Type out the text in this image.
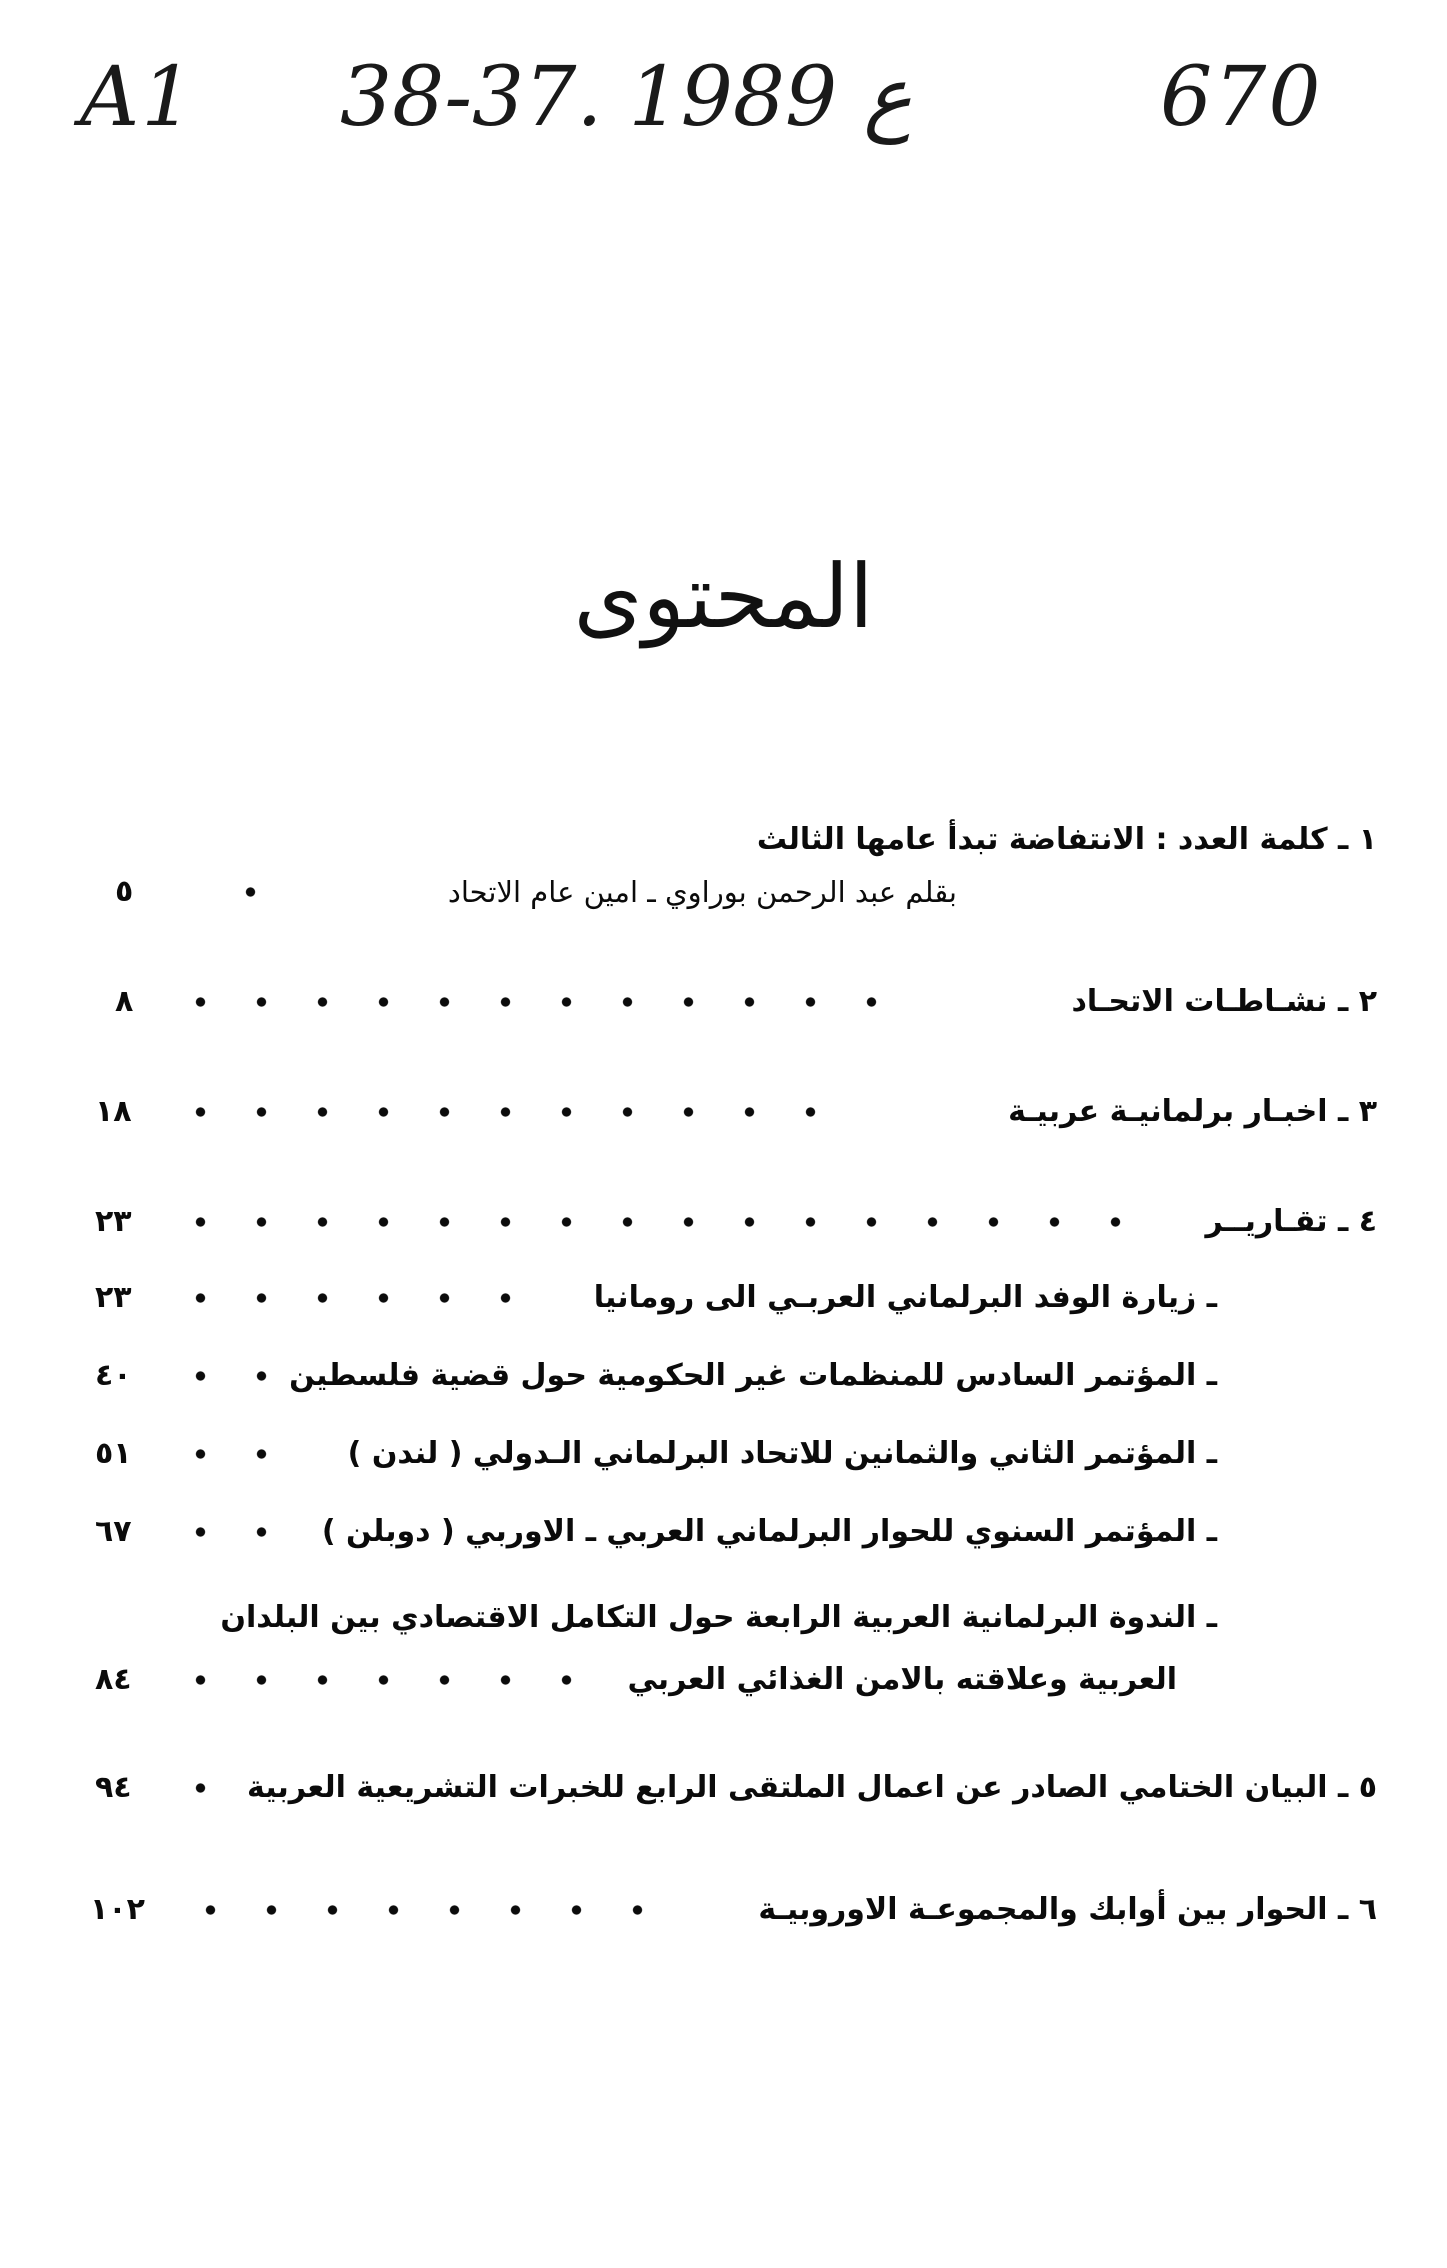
A1 38-37. ع 1989	670
المحتوى
١ ـ كلمة العدد : الانتفاضة تبدأ عامها الثالث
بقلم عبد الرحمن بوراوي ـ امين عام الاتحاد
٥
٢ ـ نشـاطـات الاتحـاد
٨
٣ ـ اخبـار برلمانيـة عربيـة
١٨
٤ ـ تقـاريــر
٢٣
ـ زيارة الوفد البرلماني العربـي الى رومانيا
٢٣
ـ المؤتمر السادس للمنظمات غير الحكومية حول قضية فلسطين
٤٠
ـ المؤتمر الثاني والثمانين للاتحاد البرلماني الـدولي ( لندن )
٥١
ـ المؤتمر السنوي للحوار البرلماني العربي ـ الاوربي ( دوبلن )
٦٧
ـ الندوة البرلمانية العربية الرابعة حول التكامل الاقتصادي بين البلدان
العربية وعلاقته بالامن الغذائي العربي
٨٤
٥ ـ البيان الختامي الصادر عن اعمال الملتقى الرابع للخبرات التشريعية العربية
٩٤
٦ ـ الحوار بين أوابك والمجموعـة الاوروبيـة
١٠٢
